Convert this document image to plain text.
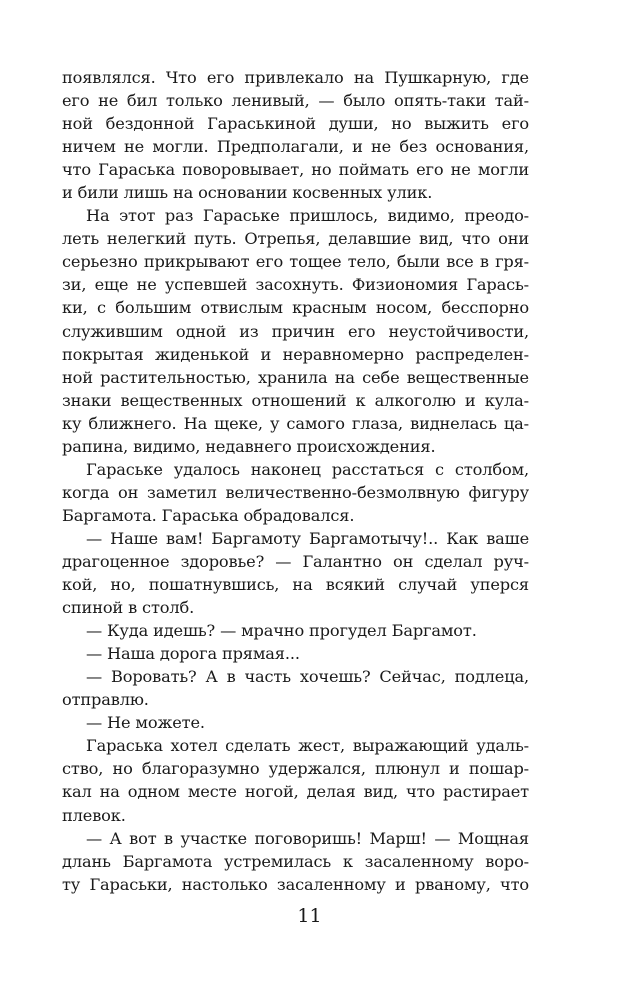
появлялся. Что его привлекало на Пушкарную, где
его не бил только ленивый, — было опять-таки тай-
ной бездонной Гараськиной души, но выжить его
ничем не могли. Предполагали, и не без основания,
что Гараська поворовывает, но поймать его не могли
и били лишь на основании косвенных улик.
На этот раз Гараське пришлось, видимо, преодо-
леть нелегкий путь. Отрепья, делавшие вид, что они
серьезно прикрывают его тощее тело, были все в гря-
зи, еще не успевшей засохнуть. Физиономия Гарась-
ки, с большим отвислым красным носом, бесспорно
служившим одной из причин его неустойчивости,
покрытая жиденькой и неравномерно распределен-
ной растительностью, хранила на себе вещественные
знаки вещественных отношений к алкоголю и кула-
ку ближнего. На щеке, у самого глаза, виднелась ца-
рапина, видимо, недавнего происхождения.
Гараське удалось наконец расстаться с столбом,
когда он заметил величественно-безмолвную фигуру
Баргамота. Гараська обрадовался.
— Наше вам! Баргамоту Баргамотычу!.. Как ваше
драгоценное здоровье? — Галантно он сделал руч-
кой, но, пошатнувшись, на всякий случай уперся
спиной в столб.
— Куда идешь? — мрачно прогудел Баргамот.
— Наша дорога прямая...
— Воровать? А в часть хочешь? Сейчас, подлеца,
отправлю.
— Не можете.
Гараська хотел сделать жест, выражающий удаль-
ство, но благоразумно удержался, плюнул и пошар-
кал на одном месте ногой, делая вид, что растирает
плевок.
— А вот в участке поговоришь! Марш! — Мощная
длань Баргамота устремилась к засаленному воро-
ту Гараськи, настолько засаленному и рваному, что
11
